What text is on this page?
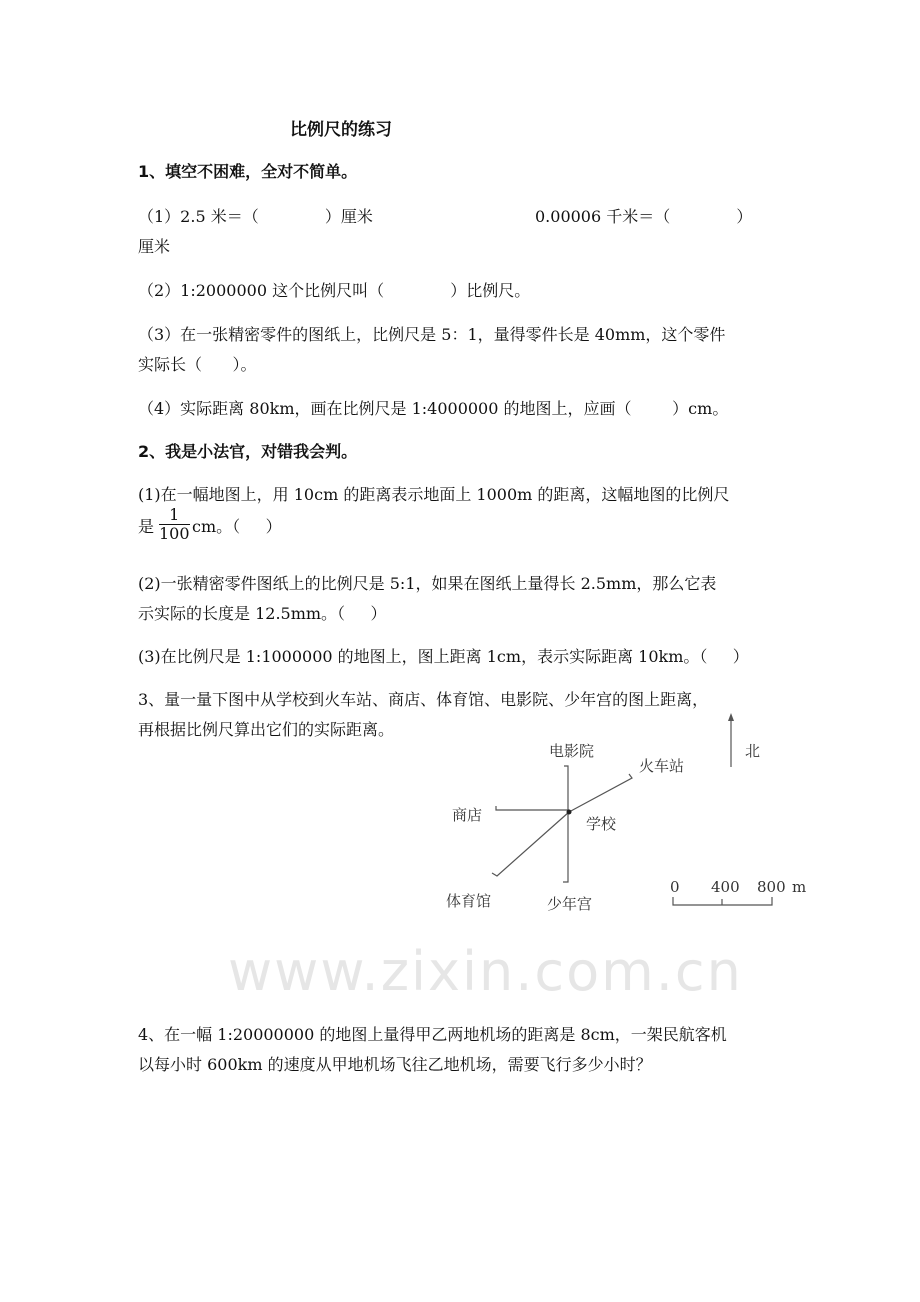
比例尺的练习
1、填空不困难，全对不简单。
（1）2.5 米＝（             ）厘米	0.00006 千米＝（             ）
厘米
（2）1:2000000 这个比例尺叫（             ）比例尺。
（3）在一张精密零件的图纸上，比例尺是 5：1，量得零件长是 40mm，这个零件
实际长（      ）。
（4）实际距离 80km，画在比例尺是 1:4000000 的地图上，应画（        ）cm。
2、我是小法官，对错我会判。
(1)在一幅地图上，用 10cm 的距离表示地面上 1000m 的距离，这幅地图的比例尺
是 $\frac{1}{100}$ cm。（     ）
(2)一张精密零件图纸上的比例尺是 5:1，如果在图纸上量得长 2.5mm，那么它表
示实际的长度是 12.5mm。（     ）
(3)在比例尺是 1:1000000 的地图上，图上距离 1cm，表示实际距离 10km。（     ）
3、量一量下图中从学校到火车站、商店、体育馆、电影院、少年宫的图上距离，
再根据比例尺算出它们的实际距离。
电影院
火车站
商店	学校
体育馆	少年宫
北
0 400 800 m
www.zixin.com.cn
4、在一幅 1:20000000 的地图上量得甲乙两地机场的距离是 8cm，一架民航客机
以每小时 600km 的速度从甲地机场飞往乙地机场，需要飞行多少小时？
